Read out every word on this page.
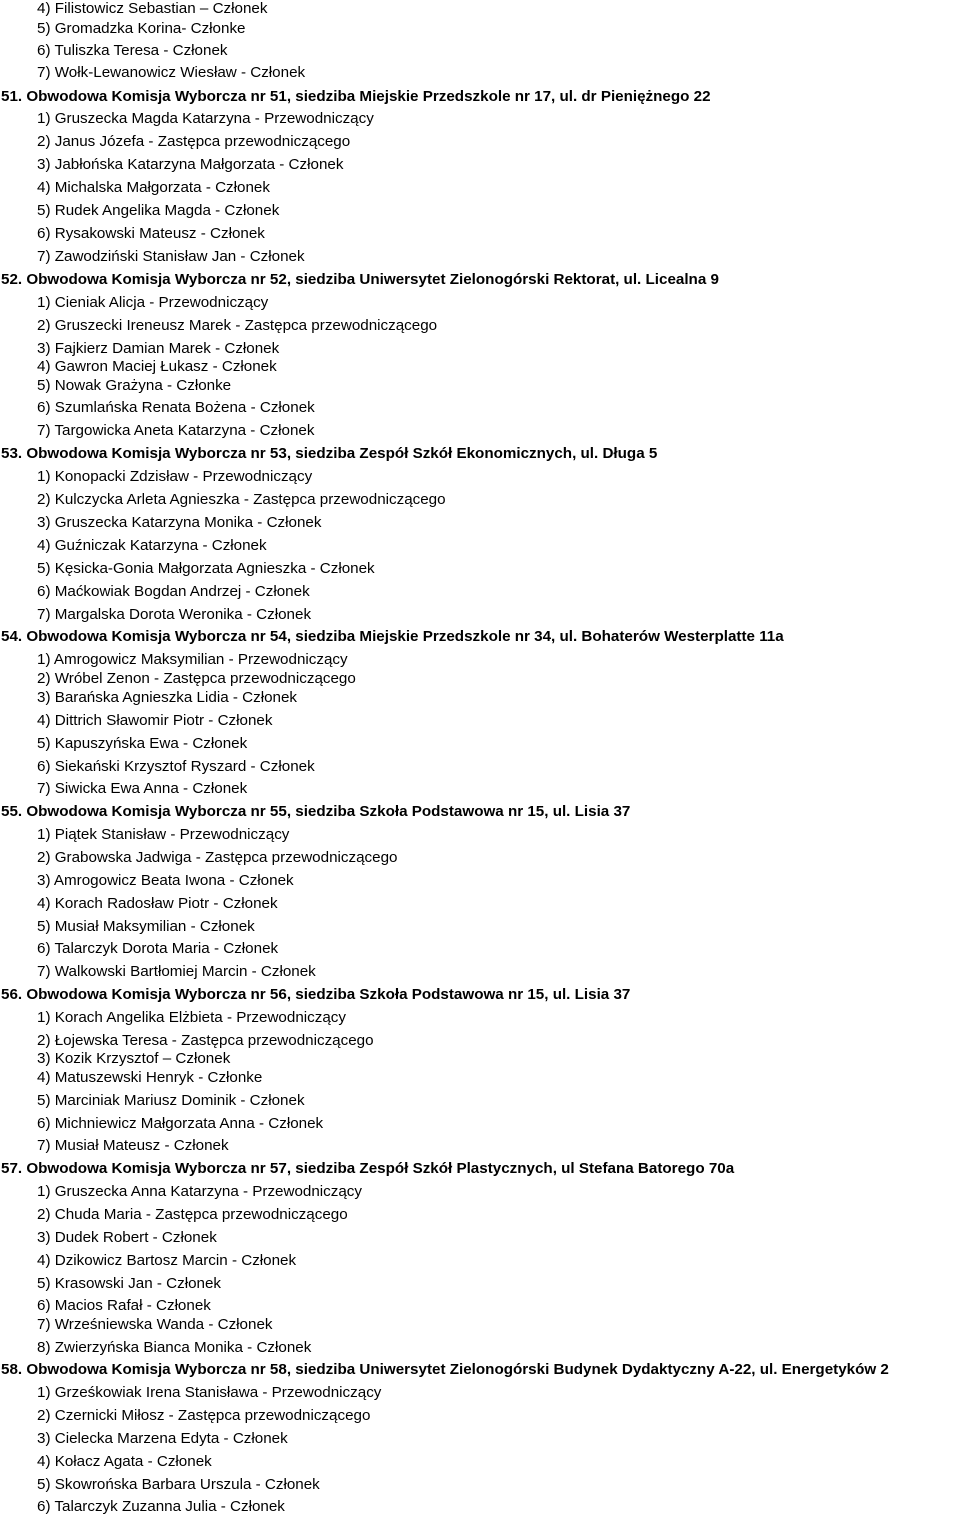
4) Filistowicz Sebastian – Członek
5) Gromadzka Korina- Członke
6) Tuliszka Teresa - Członek
7) Wołk-Lewanowicz Wiesław - Członek
51. Obwodowa Komisja Wyborcza nr 51, siedziba Miejskie Przedszkole nr 17, ul. dr Pieniężnego 22
1) Gruszecka Magda Katarzyna - Przewodniczący
2) Janus Józefa - Zastępca przewodniczącego
3) Jabłońska Katarzyna Małgorzata - Członek
4) Michalska Małgorzata - Członek
5) Rudek Angelika Magda - Członek
6) Rysakowski Mateusz - Członek
7) Zawodziński Stanisław Jan - Członek
52. Obwodowa Komisja Wyborcza nr 52, siedziba Uniwersytet Zielonogórski Rektorat, ul. Licealna 9
1) Cieniak Alicja - Przewodniczący
2) Gruszecki Ireneusz Marek - Zastępca przewodniczącego
3) Fajkierz Damian Marek - Członek
4) Gawron Maciej Łukasz - Członek
5) Nowak Grażyna - Członke
6) Szumlańska Renata Bożena - Członek
7) Targowicka Aneta Katarzyna - Członek
53. Obwodowa Komisja Wyborcza nr 53, siedziba Zespół Szkół Ekonomicznych, ul. Długa 5
1) Konopacki Zdzisław - Przewodniczący
2) Kulczycka Arleta Agnieszka - Zastępca przewodniczącego
3) Gruszecka Katarzyna Monika - Członek
4) Guźniczak Katarzyna - Członek
5) Kęsicka-Gonia Małgorzata Agnieszka - Członek
6) Maćkowiak Bogdan Andrzej - Członek
7) Margalska Dorota Weronika - Członek
54. Obwodowa Komisja Wyborcza nr 54, siedziba Miejskie Przedszkole nr 34, ul. Bohaterów Westerplatte 11a
1) Amrogowicz Maksymilian - Przewodniczący
2) Wróbel Zenon - Zastępca przewodniczącego
3) Barańska Agnieszka Lidia - Członek
4) Dittrich Sławomir Piotr - Członek
5) Kapuszyńska Ewa - Członek
6) Siekański Krzysztof Ryszard - Członek
7) Siwicka Ewa Anna - Członek
55. Obwodowa Komisja Wyborcza nr 55, siedziba Szkoła Podstawowa nr 15, ul. Lisia 37
1) Piątek Stanisław - Przewodniczący
2) Grabowska Jadwiga - Zastępca przewodniczącego
3) Amrogowicz Beata Iwona - Członek
4) Korach Radosław Piotr - Członek
5) Musiał Maksymilian - Członek
6) Talarczyk Dorota Maria - Członek
7) Walkowski Bartłomiej Marcin - Członek
56. Obwodowa Komisja Wyborcza nr 56, siedziba Szkoła Podstawowa nr 15, ul. Lisia 37
1) Korach Angelika Elżbieta - Przewodniczący
2) Łojewska Teresa - Zastępca przewodniczącego
3) Kozik Krzysztof – Członek
4) Matuszewski Henryk - Członke
5) Marciniak Mariusz Dominik - Członek
6) Michniewicz Małgorzata Anna - Członek
7) Musiał Mateusz - Członek
57. Obwodowa Komisja Wyborcza nr 57, siedziba Zespół Szkół Plastycznych, ul Stefana Batorego 70a
1) Gruszecka Anna Katarzyna - Przewodniczący
2) Chuda Maria - Zastępca przewodniczącego
3) Dudek Robert - Członek
4) Dzikowicz Bartosz Marcin - Członek
5) Krasowski Jan - Członek
6) Macios Rafał - Członek
7) Wrześniewska Wanda - Członek
8) Zwierzyńska Bianca Monika - Członek
58. Obwodowa Komisja Wyborcza nr 58, siedziba Uniwersytet Zielonogórski Budynek Dydaktyczny A-22, ul. Energetyków 2
1) Grześkowiak Irena Stanisława - Przewodniczący
2) Czernicki Miłosz - Zastępca przewodniczącego
3) Cielecka Marzena Edyta - Członek
4) Kołacz Agata - Członek
5) Skowrońska Barbara Urszula - Członek
6) Talarczyk Zuzanna Julia - Członek
